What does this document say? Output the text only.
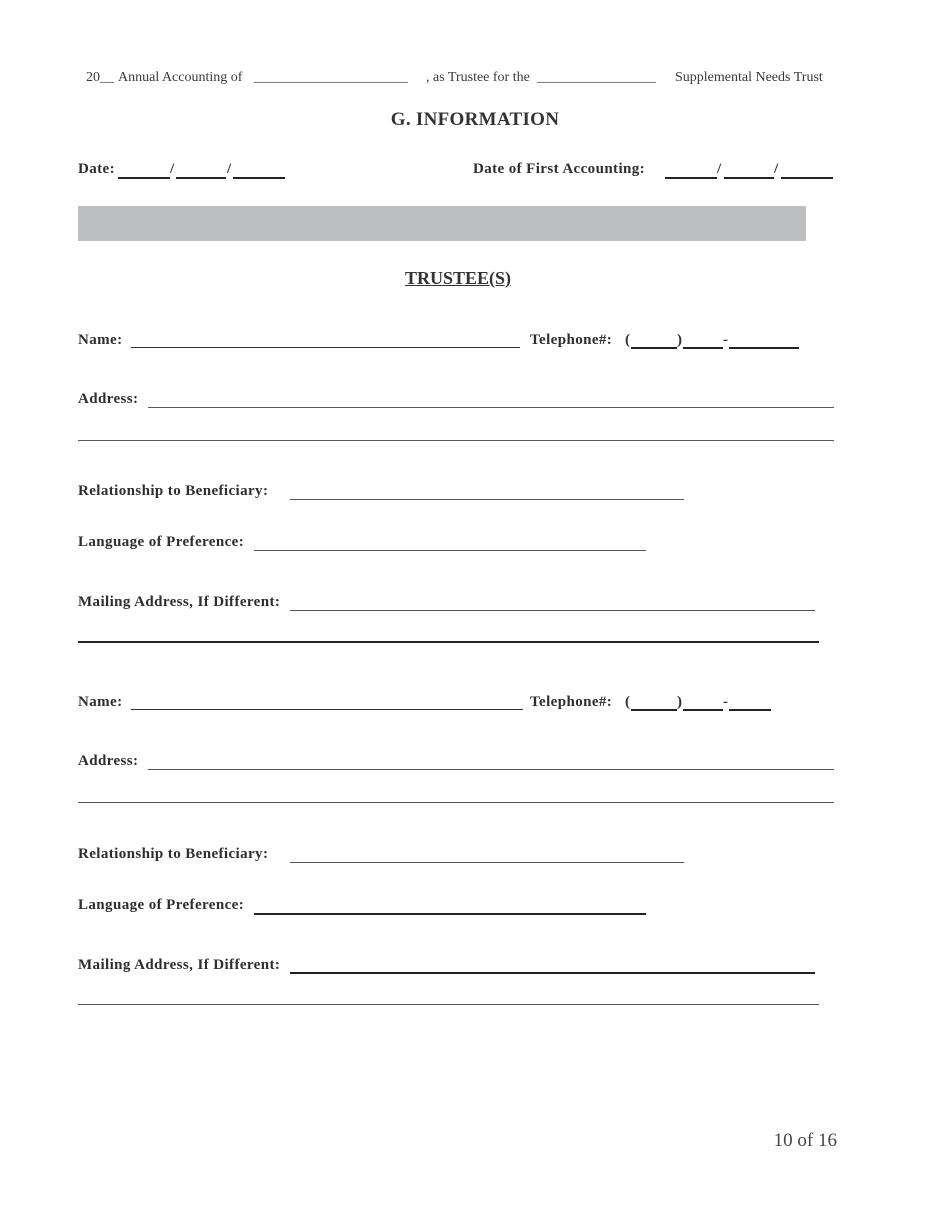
20__ Annual Accounting of ______________________ , as Trustee for the _________________ Supplemental Needs Trust
G. INFORMATION
Date:	/	/	Date of First Accounting:	/	/
TRUSTEE(S)
Name:	Telephone#: (	)	-
Address:
Relationship to Beneficiary:
Language of Preference:
Mailing Address, If Different:
Name:	Telephone#: (	)	-
Address:
Relationship to Beneficiary:
Language of Preference:
Mailing Address, If Different:
10 of 16
